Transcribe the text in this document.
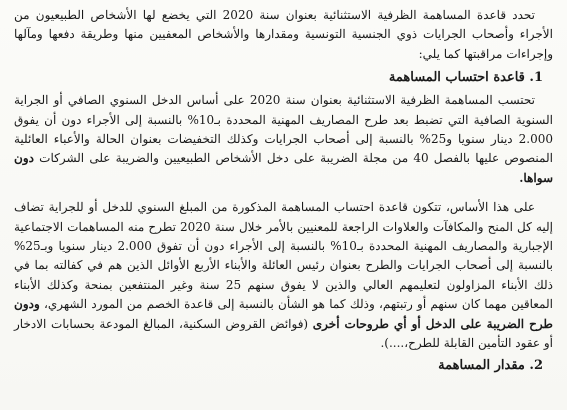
تحدد قاعدة المساهمة الظرفية الاستثنائية بعنوان سنة 2020 التي يخضع لها الأشخاص الطبيعيون من الأجراء وأصحاب الجرايات ذوي الجنسية التونسية ومقدارها والأشخاص المعفيين منها وطريقة دفعها ومآلها وإجراءات مراقبتها كما يلي:

1. قاعدة احتساب المساهمة

تحتسب المساهمة الظرفية الاستثنائية بعنوان سنة 2020 على أساس الدخل السنوي الصافي أو الجراية السنوية الصافية التي تضبط بعد طرح المصاريف المهنية المحددة بـ10% بالنسبة إلى الأجراء دون أن يفوق 2.000 دينار سنويا و25% بالنسبة إلى أصحاب الجرايات وكذلك التخفيضات بعنوان الحالة والأعباء العائلية المنصوص عليها بالفصل 40 من مجلة الضريبة على دخل الأشخاص الطبيعيين والضريبة على الشركات دون سواها.

على هذا الأساس، تتكون قاعدة احتساب المساهمة المذكورة من المبلغ السنوي للدخل أو للجراية تضاف إليه كل المنح والمكافآت والعلاوات الراجعة للمعنيين بالأمر خلال سنة 2020 تطرح منه المساهمات الاجتماعية الإجبارية والمصاريف المهنية المحددة بـ10% بالنسبة إلى الأجراء دون أن تفوق 2.000 دينار سنويا وبـ25% بالنسبة إلى أصحاب الجرايات والطرح بعنوان رئيس العائلة والأبناء الأربع الأوائل الذين هم في كفالته بما في ذلك الأبناء المزاولون لتعليمهم العالي والذين لا يفوق سنهم 25 سنة وغير المنتفعين بمنحة وكذلك الأبناء المعاقين مهما كان سنهم أو رتبتهم، وذلك كما هو الشأن بالنسبة إلى قاعدة الخصم من المورد الشهري، ودون طرح الضريبة على الدخل أو أي طروحات أخرى (فوائض القروض السكنية، المبالغ المودعة بحسابات الادخار أو عقود التأمين القابلة للطرح،....).

2. مقدار المساهمة
